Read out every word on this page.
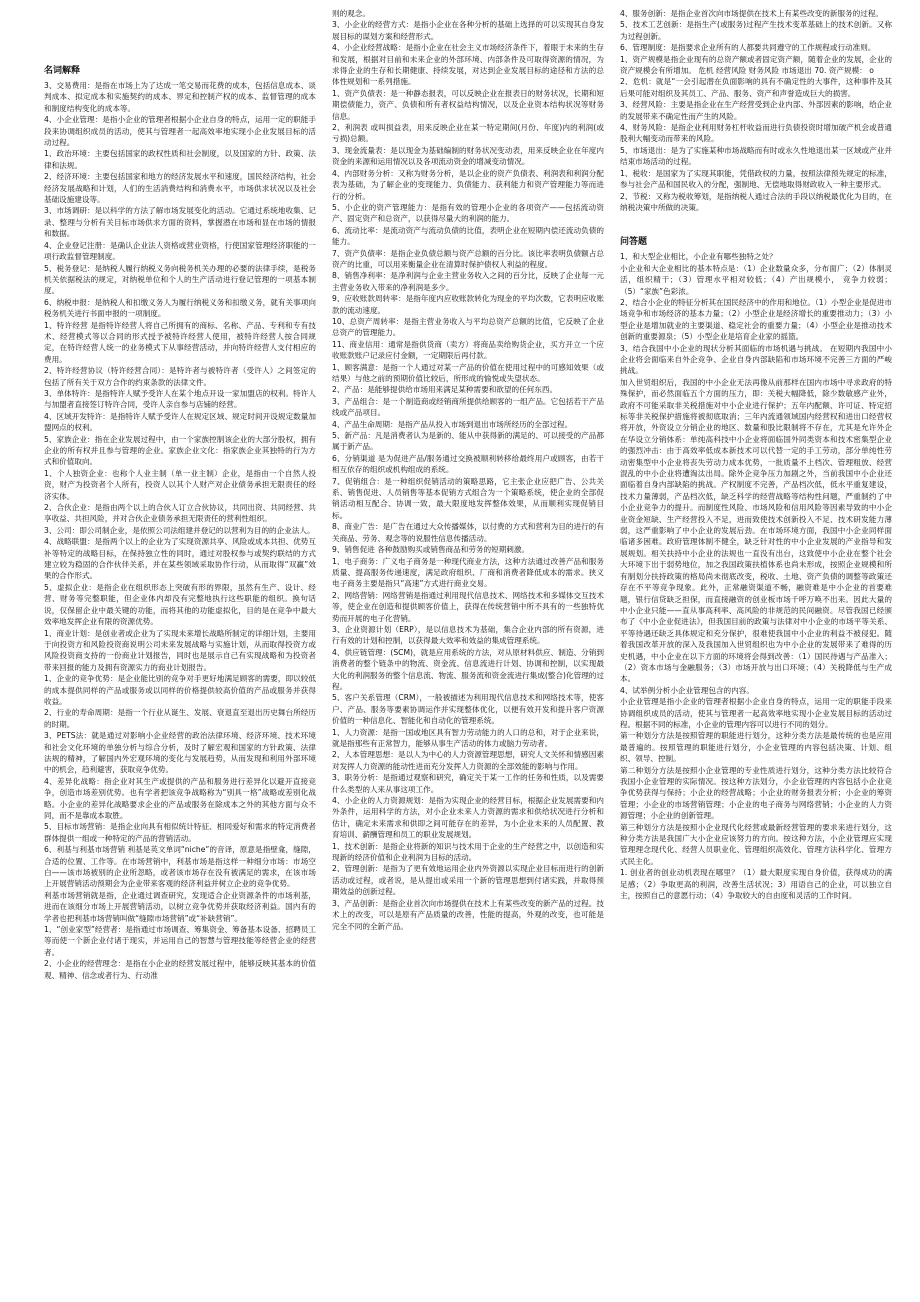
名词解释

3、交易费用：是指在市场上为了达成一笔交易而花费的成本，包括信息成本、谈判成本、拟定成本和实施契约的成本、界定和控制产权的成本、监督管理的成本和制度结构变化的成本等。

4、小企业管理：是指小企业的管理者根据小企业自身的特点，运用一定的职能手段来协调组织成员的活动，使其与管理者一起高效率地实现小企业发展目标的活动过程。

1、政治环境：主要包括国家的政权性质和社会制度，以及国家的方针、政策、法律和法规。

2、经济环境：主要包括国家和地方的经济发展水平和速度，国民经济结构，社会经济发展战略和计划，人们的生活消费结构和消费水平，市场供求状况以及社会基础设施建设等。

3、市场调研：是以科学的方法了解市场发展变化的活动。它通过系统地收集、记录、整理与分析有关目标市场供求方面的资料，掌握潜在市场和显在市场的情报和数据。

4、企业登记注册：是确认企业法人资格或营业资格，行使国家管理经济职能的一项行政监督管理制度。

5、税务登记：是纳税人履行纳税义务向税务机关办理的必要的法律手续，是税务机关依据税法的规定，对纳税单位和个人的生产活动进行登记管理的一项基本制度。

6、纳税申报：是纳税人和扣缴义务人为履行纳税义务和扣缴义务，就有关事项向税务机关进行书面申报的一项制度。

1、特许经营 是指特许经营人将自己所拥有的商标、名称、产品、专利和专有技术、经营模式等以合同的形式授予被特许经营人使用，被特许经营人按合同规定，在特许经营人统一的业务模式下从事经营活动，并向特许经营人支付相应的费用。

2、特许经营协议（特许经营合同）：是特许者与被特许者（受许人）之间签定的包括了所有关于双方合作的约束条款的法律文件。

3、单体特许：是指特许人赋予受许人在某个地点开设一家加盟店的权利。特许人与加盟者直接签订特许合同，受许人亲自参与店铺的经营。

4、区域开发特许：是指特许人赋予受许人在规定区域、规定时间开设规定数量加盟网点的权利。

5、家族企业：指在企业发展过程中，由一个家族控制该企业的大部分股权，拥有企业的所有权并且参与管理的企业。家族企业文化：指家族企业其独特的行为方式和价值取向。

1、个人独资企业：也称个人业主制（单一业主制）企业，是指由一个自然人投资，财产为投资者个人所有，投资人以其个人财产对企业债务承担无限责任的经济实体。

2、合伙企业：是指由两个以上的合伙人订立合伙协议，共同出资、共同经营、共享收益、共担风险，并对合伙企业债务承担无限责任的营利性组织。

3、公司：即公司制企业，是依照公司法组建并登记的以营利为目的的企业法人。

4、战略联盟：是指两个以上的企业为了实现资源共享、风险或成本共担、优势互补等特定的战略目标，在保持独立性的同时，通过对股权参与或契约联结的方式建立较为稳固的合作伙伴关系，并在某些领域采取协作行动，从而取得“双赢”效果的合作形式。

5、虚拟企业：是指企业在组织形态上突破有形的界限，虽然有生产、设计、经营、财务等完整职能，但企业体内却没有完整地执行这些职能的组织。换句话说，仅保留企业中最关键的功能，而将其他的功能虚拟化，目的是在竞争中最大效率地发挥企业有限的资源优势。

1、商业计划：是创业者或企业为了实现未来增长战略所制定的详细计划，主要用于向投资方和风险投资商说明公司未来发展战略与实施计划，从而取得投资方或风险投资商支持的一份商业计划报告，同时也是展示自己有实现战略和为投资者带来回报的能力及拥有资源实力的商业计划报告。

1、企业的竞争优势：是企业能比别的竞争对手更好地满足顾客的需要，即以较低的成本提供同样的产品或服务或以同样的价格提供较高价值的产品或服务并获得收益。

2、行业的寿命周期：是指一个行业从诞生、发展、衰退直至退出历史舞台所经历的时期。

3、PETS法：就是通过对影响小企业经营的政治法律环境、经济环境、技术环境和社会文化环境的单独分析与综合分析，及时了解宏观和国家的方针政策、法律法规的精神，了解国内外宏观环境的变化与发展趋势，从而发现和利用外部环境中的机会，趋利避害，获取竞争优势。

4、差异化战略：指企业对其生产或提供的产品和服务进行差异化以避开直接竞争，创造市场差别优势。也有学者把该竞争战略称为“别具一格”战略或差别化战略。小企业的差异化战略要求企业的产品或服务在除成本之外的其他方面与众不同，而不是靠成本取胜。

5、目标市场营销：是指企业向具有相似统计特征、相同爱好和需求的特定消费者群体提供一组或一种特定的产品的营销活动。

6、利基与利基市场营销 利基是英文单词“niche”的音译，原意是指壁龛，缝隙，合适的位置、工作等。在市场营销中，利基市场是指这样一种细分市场：市场空白——该市场被别的企业所忽略，或者该市场存在没有被满足的需求，在该市场上开展营销活动预期会为企业带来客观的经济利益并树立企业的竞争优势。

利基市场营销就是指，企业通过调查研究，发现适合企业资源条件的市场利基，进而在该细分市场上开展营销活动，以树立竞争优势并获取经济利益。国内有的学者也把利基市场营销叫做“缝隙市场营销”或“补缺营销”。

1、“创业家型”经营者：是指通过市场调查、筹集资金、筹备基本设备、招聘员工等而使一个新企业付诸于现实，并运用自己的智慧与管理技能等经营企业的经营者。

2、小企业的经营理念：是指在小企业的经营发展过程中，能够反映其基本的价值观、精神、信念或者行为、行动准

则的观念。

3、小企业的经营方式：是指小企业在各种分析的基础上选择的可以实现其自身发展目标的谋划方案和经营形式。

4、小企业经营战略：是指小企业在社会主义市场经济条件下，着眼于未来的生存和发展，根据对目前和未来企业的外部环境、内部条件及可取得资源的情况，为求得企业的生存和长期健康、持续发展，对达到企业发展目标的途径和方法的总体性规划和一系列措施。

1、资产负债表：是一种静态报表，可以反映企业在报表日的财务状况，长期和短期偿债能力，资产、负债和所有者权益结构情况，以及企业资本结构状况等财务信息。

2、利润表 或叫损益表，用来反映企业在某一特定期间(月份、年度)内的利润(或亏损)总额。

3、现金流量表：是以现金为基础编制的财务状况变动表，用来反映企业在年度内资金的来源和运用情况以及各项流动资金的增减变动情况。

4、内部财务分析：又称为财务分析，是以企业的资产负债表、利润表和利润分配表为基础，为了解企业的变现能力、负债能力、获利能力和资产管理能力等而进行的分析。

5、小企业的资产管理能力：是指有效的管理小企业的各项资产——包括流动资产、固定资产和总资产，以获得尽量大的利润的能力。

6、流动比率：是流动资产与流动负债的比值，表明企业在短期内偿还流动负债的能力。

7、资产负债率：是指企业负债总额与资产总额的百分比。该比率表明负债额占总资产的比重，可以用来衡量企业在清算时保护债权人利益的程度。

8、销售净利率：是净利润与企业主营业务收入之间的百分比，反映了企业每一元主营业务收入带来的净利润是多少。

9、应收账款周转率：是指年度内应收账款转化为现金的平均次数，它表明应收账款的流动速度。

10、总资产周转率：是指主营业务收入与平均总资产总额的比值，它反映了企业总资产的管理能力。

11、商业信用：通常是指供货商（卖方）将商品卖给购货企业，买方开立一个应收账款账户记录应付金额，一定期限后再付款。

1、顾客满意：是指一个人通过对某一产品的价值在使用过程中的可感知效果（或结果）与他之前的预期价值比较后，所形成的愉悦或失望状态。

2、产品：是能够提供给市场用来满足某种需要和欲望的任何东西。

3、产品组合：是一个制造商或经销商所提供给顾客的一组产品。它包括若干产品线或产品项目。

4、产品生命周期：是指产品从投入市场到退出市场所经历的全部过程。

5、新产品：凡是消费者认为是新的、能从中获得新的满足的、可以接受的产品都属于新产品。

6、分销渠道 是为促进产品/服务通过交换被顺利转移给最终用户或顾客，由若干相互依存的组织或机构组成的系统。

7、促销组合：是一种组织促销活动的策略思路，它主张企业应把广告、公共关系、销售促进、人员销售等基本促销方式组合为一个策略系统，使企业的全部促销活动相互配合、协调一致，最大限度地发挥整体效果，从而顺利实现促销目标。

8、商业广告：是广告在通过大众传播媒体，以付费的方式和营利为目的进行的有关商品、劳务、观念等的说服性信息传播活动。

9、销售促进 各种鼓励购买或销售商品和劳务的短期刺激。

1、电子商务：广义电子商务是一种现代商业方法，这种方法通过改善产品和服务质量、提高服务传递速度，满足政府组织、厂商和消费者降低成本的需求。狭义电子商务主要是指只“高速”方式进行商业交易。

2、网络营销：网络营销是指通过利用现代信息技术、网络技术和多媒体交互技术等，使企业在创造和提供顾客价值上，获得在传统营销中所不具有的一些独特优势而开展的电子化营销。

3、企业资源计划（ERP），是以信息技术为基础，集合企业内部的所有资源，进行有效的计划和控制，以获得最大效率和效益的集成管理系统。

4、供应链管理：(SCM)，就是应用系统的方法，对从原材料供应、制造、分销到消费者的整个链条中的物流、资金流、信息流进行计划、协调和控制，以实现最大化的利润服务的整个信息流、物流、服务流和资金流进行集成(整合)化管理的过程。

5、客户关系管理（CRM），一般被描述为利用现代信息技术和网络技术等，使客户、产品、服务等要素协调运作并实现整体优化，以便有效开发和提升客户资源价值的一种信息化、智能化和自动化的管理系统。

1、人力资源：是指一国或地区具有智力劳动能力的人口的总和，对于企业来说，就是指那些有正常智力，能够从事生产活动的体力或脑力劳动者。

2、人本管理思想：是以人为中心的人力资源管理思想，研究人文关怀和情感因素对发挥人力资源的能动性进而充分发挥人力资源的全部效能的影响与作用。

3、职务分析：是指通过观察和研究，确定关于某一工作的任务和性质，以及需要什么类型的人来从事这项工作。

4、小企业的人力资源规划：是指为实现企业的经营目标，根据企业发展需要和内外条件，运用科学的方法，对小企业未来人力资源的需求和供给状况进行分析和估计，确定未来需求和供即之间可能存在的差异，为小企业未来的人员配置、教育培训、薪酬管理和员工的职业发展规划。

1、技术创新：是指企业将新的知识与技术用于企业的生产经营之中，以创造和实现新的经济价值和企业利润为目标的活动。

2、管理创新：是指为了更有效地运用企业内外资源以实现企业目标而进行的创新活动或过程，或者说，是从提出或采用一个新的管理思想到付诸实践，并取得预期效益的创新过程。

3、产品创新：是指企业首次向市场提供在技术上有某些改变的新产品的过程。技术上的改变，可以是原有产品质量的改善，性能的提高，外观的改变，也可能是完全不同的全新产品。

4、服务创新：是指企业首次向市场提供在技术上有某些改变的新服务的过程。

5、技术工艺创新：是指生产(或服务)过程产生技术变革基础上的技术创新。又称为过程创新。

6、管理制度：是指要求企业所有的人都要共同遵守的工作规程或行动准则。

1、资产规模是指企业现有的总资产额或者固定资产额，随着企业的发展，企业的资产规模会有所增加。 危机 经营风险 财务风险 市场退出 70. 资产规模： o

2、危机：就是“一会引起潜在负面影响的具有不确定性的大事件，这种事件及其后果可能对组织及其员工、产品、服务、资产和声誉造成巨大的损害。

3、经营风险：主要是指企业在生产经营受到企业内部、外部因素的影响，给企业的发展带来不确定性而产生的风险。

4、财务风险：是指企业利用财务杠杆收益而进行负债投资时增加破产机会或普通股利大幅变动而带来的风险。

5、市场退出：是为了实施某种市场战略而有时或永久性地退出某一区域或产业并结束市场活动的过程。

1、税收：是国家为了实现其职能，凭借政权的力量，按照法律预先规定的标准，参与社会产品和国民收入的分配，强制地、无偿地取得财政收入一种主要形式。

2、节税：又称为税收筹划，是指纳税人通过合法的手段以纳税最优化为目的，在纳税决策中所做的决策。

问答题

1、和大型企业相比，小企业有哪些独特之处？

小企业和大企业相比的基本特点是：（1）企业数量众多，分布面广；（2）体制灵活，组织精干；（3）管理水平相对较低；（4）产出规模小， 竞争力较弱；（5）“家族”色彩浓。

2、结合小企业的特征分析其在国民经济中的作用和地位。（1）小型企业是促进市场竞争和市场经济的基本力量；（2）小型企业是经济增长的重要推动力；（3）小型企业是增加就业的主要渠道、稳定社会的重要力量；（4）小型企业是推动技术创新的重要源泉；（5）小型企业是培育企业家的摇篮。

3、结合我国中小企业的现状分析其面临的市场机遇与挑战。 在短期内我国中小企业将会面临来自外企竞争、企业自身内部缺陷和市场环境不完善三方面的严峻挑战。

加入世贸组织后，我国的中小企业无法再像从前那样在国内市场中寻求政府的特殊保护，而必然面临五个方面的压力，即：关税大幅降低，除少数敏感产业外，政府不可能采取非关税措施对中小企业进行保护；五年内配额、许可证、特定招标等非关税保护措施将被彻底取消；三年内流通领域国内经营权和进出口经营权将开放，外资设立分销企业的地区、数量和股比限制将不存在，尤其是允许外企在华设立分销体系：单纯高科技中小企业将面临国外同类资本和技术密集型企业的强烈冲击：由于高效率低成本新技术可以代替一定的手工劳动，部分单纯性劳动密集型中小企业将丧失劳动力成本优势，一批质量不上档次、管理粗放、经营混乱的中小企业将遭淘汰出局。除外企竞争压力加剧之外，当前我国中小企业还面临着自身内部缺陷的挑战。产权制度不完善，产品档次低，低水平重复建设，技术力量薄弱，产品档次低，缺乏科学的经营战略等结构性问题，严重制约了中小企业竞争力的提升。而制度性风险、市场风险和信用风险等因素导致的中小企业资金短缺、生产经营投入不足，进而致使技术创新投入不足、技术研发能力薄弱，这严重影响了中小企业的发展后劲。在市场环境方面，我国中小企业同样面临诸多困难。政府管理体制不健全，缺乏针对性的中小企业发展的产业指导和发展规划。相关扶持中小企业的法规也一直没有出台，这致使中小企业在整个社会大环境下出于弱势地位，加之我国政策扶植体系也尚未形成，按照企业规模和所有制划分扶持政策的格局尚未彻底改变，税收、土地、资产负债的调整等政策还存在不平等竞争现象。此外，正常融资渠道不畅，融资难是中小企业的首要难题，银行信贷缺乏担保，而直接融资的创业板市场千呼万唤不出来。因此大量的中小企业只能——直从事高利率、高风险的非规范的民间融资。尽管我国已经颁布了《中小企业促进法》，但我国目前的政策与法律对中小企业的市场平等关系、平等待遇还缺乏具体规定和充分保护，很难使我国中小企业的利益不被侵犯。随着我国改革开放的深入及我国加入世贸组织也为中小企业的发展带来了难得的历史机遇，中小企业在以下方面的环境将会得到改善：（1）国民待遇与产品准入；（2）资本市场与金融服务；（3）市场开放与出口环境；（4）关税降低与生产成本。

4、试举例分析小企业管理包含的内容。

小企业管理是指小企业的管理者根据小企业自身的特点，运用一定的职能手段来协调组织成员的活动，使其与管理者一起高效率地实现小企业发展目标的活动过程。根据不同的标准，小企业的管理内容可以进行不同的划分。

第一种划分方法是按照管理的职能进行划分，这种分类方法是最传统的也是应用最普遍的。按照管理的职能进行划分，小企业管理的内容包括决策、计划、组织、领导、控制。

第二种划分方法是按照小企业管理的专业性质进行划分，这种分类方法比较符合我国小企业管理的实际情况。按这种方法划分，小企业管理的内容包括小企业竞争优势获得与保持；小企业的经营战略；小企业的财务报表分析；小企业的筹资管理；小企业的市场营销管理；小企业的电子商务与网络营销；小企业的人力资源管理；小企业的创新管理。

第三种划分方法是按照小企业现代化经营或最新经营管理的要求来进行划分，这种分类方法是我国广大小企业应该努力的方向。按这种方法，小企业管理应实现管理理念现代化、经营人员职业化、管理组织高效化、管理方法科学化、管理方式民主化。

1. 创业者的创业动机表现在哪里？（1）最大限度实现自身价值，获得成功的满足感；（2）争取更高的利润，改善生活状况；3）用语自己的企业，可以独立自主，按照自己的意愿行动；（4）争取较大的自由度和灵活的工作时间。
